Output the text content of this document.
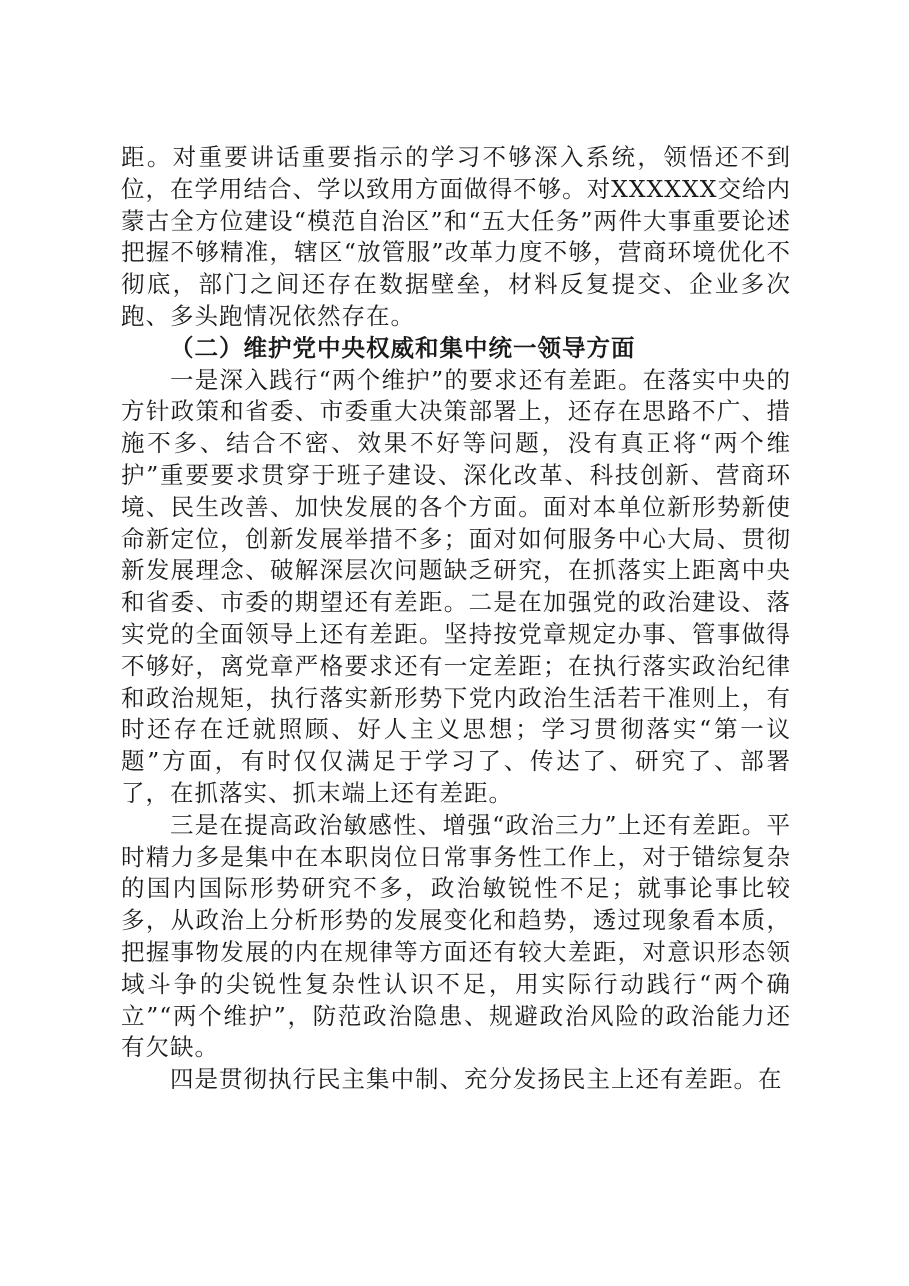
距。对重要讲话重要指示的学习不够深入系统，领悟还不到位，在学用结合、学以致用方面做得不够。对XXXXXX交给内蒙古全方位建设“模范自治区”和“五大任务”两件大事重要论述把握不够精准，辖区“放管服”改革力度不够，营商环境优化不彻底，部门之间还存在数据壁垒，材料反复提交、企业多次跑、多头跑情况依然存在。

（二）维护党中央权威和集中统一领导方面

一是深入践行“两个维护”的要求还有差距。在落实中央的方针政策和省委、市委重大决策部署上，还存在思路不广、措施不多、结合不密、效果不好等问题，没有真正将“两个维护”重要要求贯穿于班子建设、深化改革、科技创新、营商环境、民生改善、加快发展的各个方面。面对本单位新形势新使命新定位，创新发展举措不多；面对如何服务中心大局、贯彻新发展理念、破解深层次问题缺乏研究，在抓落实上距离中央和省委、市委的期望还有差距。二是在加强党的政治建设、落实党的全面领导上还有差距。坚持按党章规定办事、管事做得不够好，离党章严格要求还有一定差距；在执行落实政治纪律和政治规矩，执行落实新形势下党内政治生活若干准则上，有时还存在迁就照顾、好人主义思想；学习贯彻落实“第一议题”方面，有时仅仅满足于学习了、传达了、研究了、部署了，在抓落实、抓末端上还有差距。

三是在提高政治敏感性、增强“政治三力”上还有差距。平时精力多是集中在本职岗位日常事务性工作上，对于错综复杂的国内国际形势研究不多，政治敏锐性不足；就事论事比较多，从政治上分析形势的发展变化和趋势，透过现象看本质，把握事物发展的内在规律等方面还有较大差距，对意识形态领域斗争的尖锐性复杂性认识不足，用实际行动践行“两个确立”“两个维护”，防范政治隐患、规避政治风险的政治能力还有欠缺。

四是贯彻执行民主集中制、充分发扬民主上还有差距。在
